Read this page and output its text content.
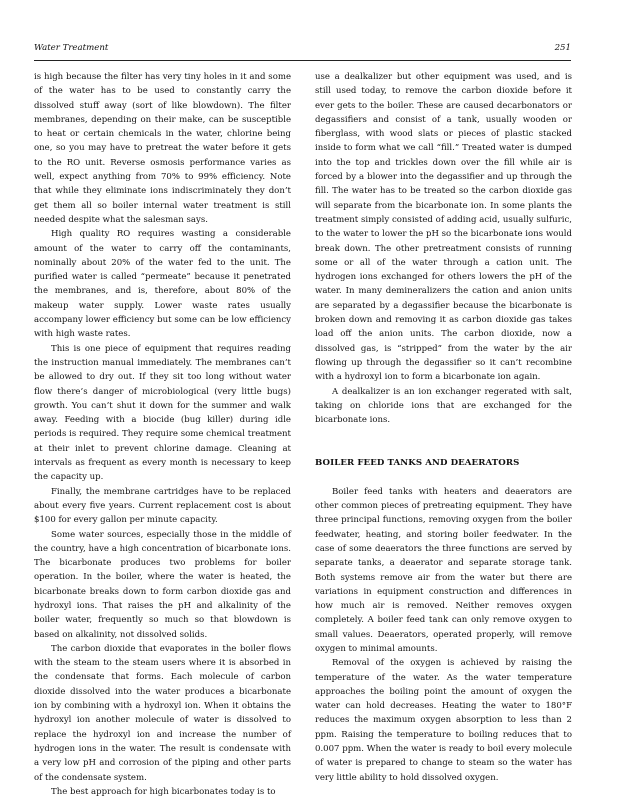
Water Treatment	251

is high because the filter has very tiny holes in it and some of the water has to be used to constantly carry the dissolved stuff away (sort of like blowdown). The filter membranes, depending on their make, can be susceptible to heat or certain chemicals in the water, chlorine being one, so you may have to pretreat the water before it gets to the RO unit. Reverse osmosis performance varies as well, expect anything from 70% to 99% efficiency. Note that while they eliminate ions indiscriminately they don’t get them all so boiler internal water treatment is still needed despite what the salesman says.

High quality RO requires wasting a considerable amount of the water to carry off the contaminants, nominally about 20% of the water fed to the unit. The purified water is called “permeate” because it penetrated the membranes, and is, therefore, about 80% of the makeup water supply. Lower waste rates usually accompany lower efficiency but some can be low efficiency with high waste rates.

This is one piece of equipment that requires reading the instruction manual immediately. The membranes can’t be allowed to dry out. If they sit too long without water flow there’s danger of microbiological (very little bugs) growth. You can’t shut it down for the summer and walk away. Feeding with a biocide (bug killer) during idle periods is required. They require some chemical treatment at their inlet to prevent chlorine damage. Cleaning at intervals as frequent as every month is necessary to keep the capacity up.

Finally, the membrane cartridges have to be replaced about every five years. Current replacement cost is about $100 for every gallon per minute capacity.

Some water sources, especially those in the middle of the country, have a high concentration of bicarbonate ions. The bicarbonate produces two problems for boiler operation. In the boiler, where the water is heated, the bicarbonate breaks down to form carbon dioxide gas and hydroxyl ions. That raises the pH and alkalinity of the boiler water, frequently so much so that blowdown is based on alkalinity, not dissolved solids.

The carbon dioxide that evaporates in the boiler flows with the steam to the steam users where it is absorbed in the condensate that forms. Each molecule of carbon dioxide dissolved into the water produces a bicarbonate ion by combining with a hydroxyl ion. When it obtains the hydroxyl ion another molecule of water is dissolved to replace the hydroxyl ion and increase the number of hydrogen ions in the water. The result is condensate with a very low pH and corrosion of the piping and other parts of the condensate system.

The best approach for high bicarbonates today is to

use a dealkalizer but other equipment was used, and is still used today, to remove the carbon dioxide before it ever gets to the boiler. These are caused decarbonators or degassifiers and consist of a tank, usually wooden or fiberglass, with wood slats or pieces of plastic stacked inside to form what we call “fill.” Treated water is dumped into the top and trickles down over the fill while air is forced by a blower into the degassifier and up through the fill. The water has to be treated so the carbon dioxide gas will separate from the bicarbonate ion. In some plants the treatment simply consisted of adding acid, usually sulfuric, to the water to lower the pH so the bicarbonate ions would break down. The other pretreatment consists of running some or all of the water through a cation unit. The hydrogen ions exchanged for others lowers the pH of the water. In many demineralizers the cation and anion units are separated by a degassifier because the bicarbonate is broken down and removing it as carbon dioxide gas takes load off the anion units. The carbon dioxide, now a dissolved gas, is “stripped” from the water by the air flowing up through the degassifier so it can’t recombine with a hydroxyl ion to form a bicarbonate ion again.

A dealkalizer is an ion exchanger regerated with salt, taking on chloride ions that are exchanged for the bicarbonate ions.

BOILER FEED TANKS AND DEAERATORS

Boiler feed tanks with heaters and deaerators are other common pieces of pretreating equipment. They have three principal functions, removing oxygen from the boiler feedwater, heating, and storing boiler feedwater. In the case of some deaerators the three functions are served by separate tanks, a deaerator and separate storage tank. Both systems remove air from the water but there are variations in equipment construction and differences in how much air is removed. Neither removes oxygen completely. A boiler feed tank can only remove oxygen to small values. Deaerators, operated properly, will remove oxygen to minimal amounts.

Removal of the oxygen is achieved by raising the temperature of the water. As the water temperature approaches the boiling point the amount of oxygen the water can hold decreases. Heating the water to 180°F reduces the maximum oxygen absorption to less than 2 ppm. Raising the temperature to boiling reduces that to 0.007 ppm. When the water is ready to boil every molecule of water is prepared to change to steam so the water has very little ability to hold dissolved oxygen.
